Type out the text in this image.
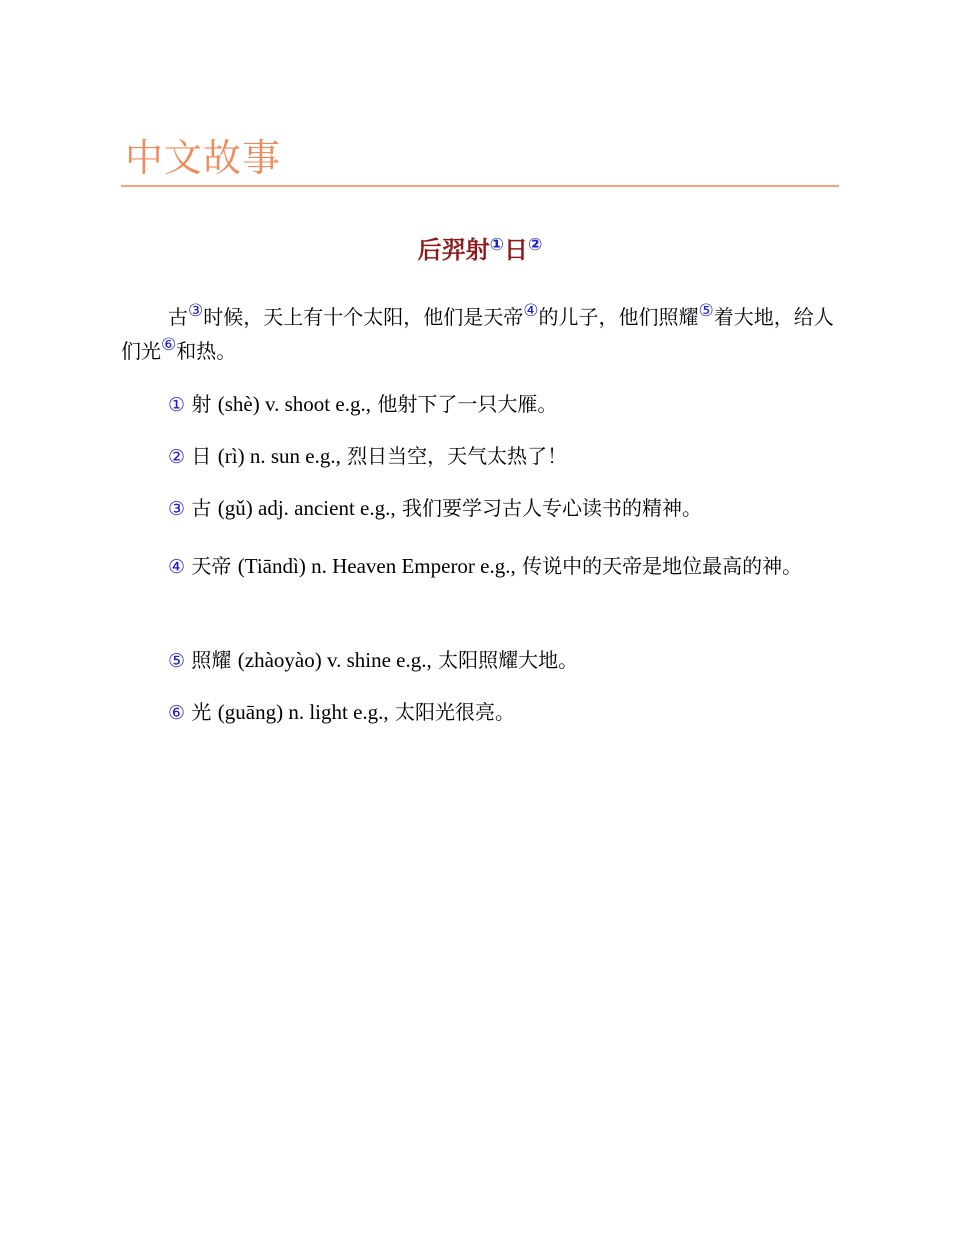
中文故事
后羿射①日②

古③时候，天上有十个太阳，他们是天帝④的儿子，他们照耀⑤着大地，给人们光⑥和热。

① 射 (shè) v. shoot e.g., 他射下了一只大雁。

② 日 (rì) n. sun e.g., 烈日当空，天气太热了！

③ 古 (gǔ) adj. ancient e.g., 我们要学习古人专心读书的精神。

④ 天帝 (Tiāndì) n. Heaven Emperor e.g., 传说中的天帝是地位最高的神。

⑤ 照耀 (zhàoyào) v. shine e.g., 太阳照耀大地。

⑥ 光 (guāng) n. light e.g., 太阳光很亮。
